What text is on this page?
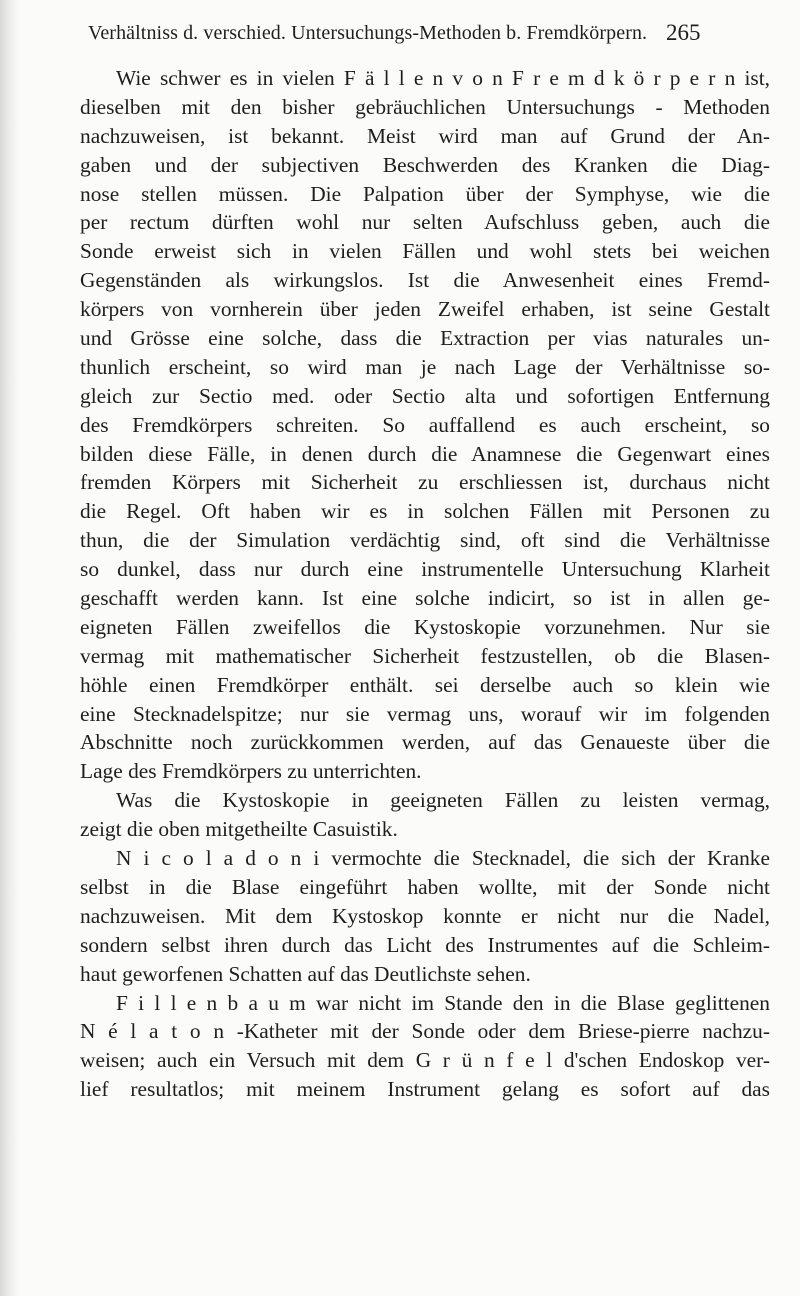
Verhältniss d. verschied. Untersuchungs-Methoden b. Fremdkörpern. 265
Wie schwer es in vielen F ä l l e n v o n F r e m d k ö r p e r n ist,
dieselben mit den bisher gebräuchlichen Untersuchungs - Methoden
nachzuweisen, ist bekannt. Meist wird man auf Grund der An-
gaben und der subjectiven Beschwerden des Kranken die Diag-
nose stellen müssen. Die Palpation über der Symphyse, wie die
per rectum dürften wohl nur selten Aufschluss geben, auch die
Sonde erweist sich in vielen Fällen und wohl stets bei weichen
Gegenständen als wirkungslos. Ist die Anwesenheit eines Fremd-
körpers von vornherein über jeden Zweifel erhaben, ist seine Gestalt
und Grösse eine solche, dass die Extraction per vias naturales un-
thunlich erscheint, so wird man je nach Lage der Verhältnisse so-
gleich zur Sectio med. oder Sectio alta und sofortigen Entfernung
des Fremdkörpers schreiten. So auffallend es auch erscheint, so
bilden diese Fälle, in denen durch die Anamnese die Gegenwart eines
fremden Körpers mit Sicherheit zu erschliessen ist, durchaus nicht
die Regel. Oft haben wir es in solchen Fällen mit Personen zu
thun, die der Simulation verdächtig sind, oft sind die Verhältnisse
so dunkel, dass nur durch eine instrumentelle Untersuchung Klarheit
geschafft werden kann. Ist eine solche indicirt, so ist in allen ge-
eigneten Fällen zweifellos die Kystoskopie vorzunehmen. Nur sie
vermag mit mathematischer Sicherheit festzustellen, ob die Blasen-
höhle einen Fremdkörper enthält. sei derselbe auch so klein wie
eine Stecknadelspitze; nur sie vermag uns, worauf wir im folgenden
Abschnitte noch zurückkommen werden, auf das Genaueste über die
Lage des Fremdkörpers zu unterrichten.
Was die Kystoskopie in geeigneten Fällen zu leisten vermag,
zeigt die oben mitgetheilte Casuistik.
N i c o l a d o n i vermochte die Stecknadel, die sich der Kranke
selbst in die Blase eingeführt haben wollte, mit der Sonde nicht
nachzuweisen. Mit dem Kystoskop konnte er nicht nur die Nadel,
sondern selbst ihren durch das Licht des Instrumentes auf die Schleim-
haut geworfenen Schatten auf das Deutlichste sehen.
F i l l e n b a u m war nicht im Stande den in die Blase geglittenen
N é l a t o n -Katheter mit der Sonde oder dem Briese-pierre nachzu-
weisen; auch ein Versuch mit dem G r ü n f e l d'schen Endoskop ver-
lief resultatlos; mit meinem Instrument gelang es sofort auf das
